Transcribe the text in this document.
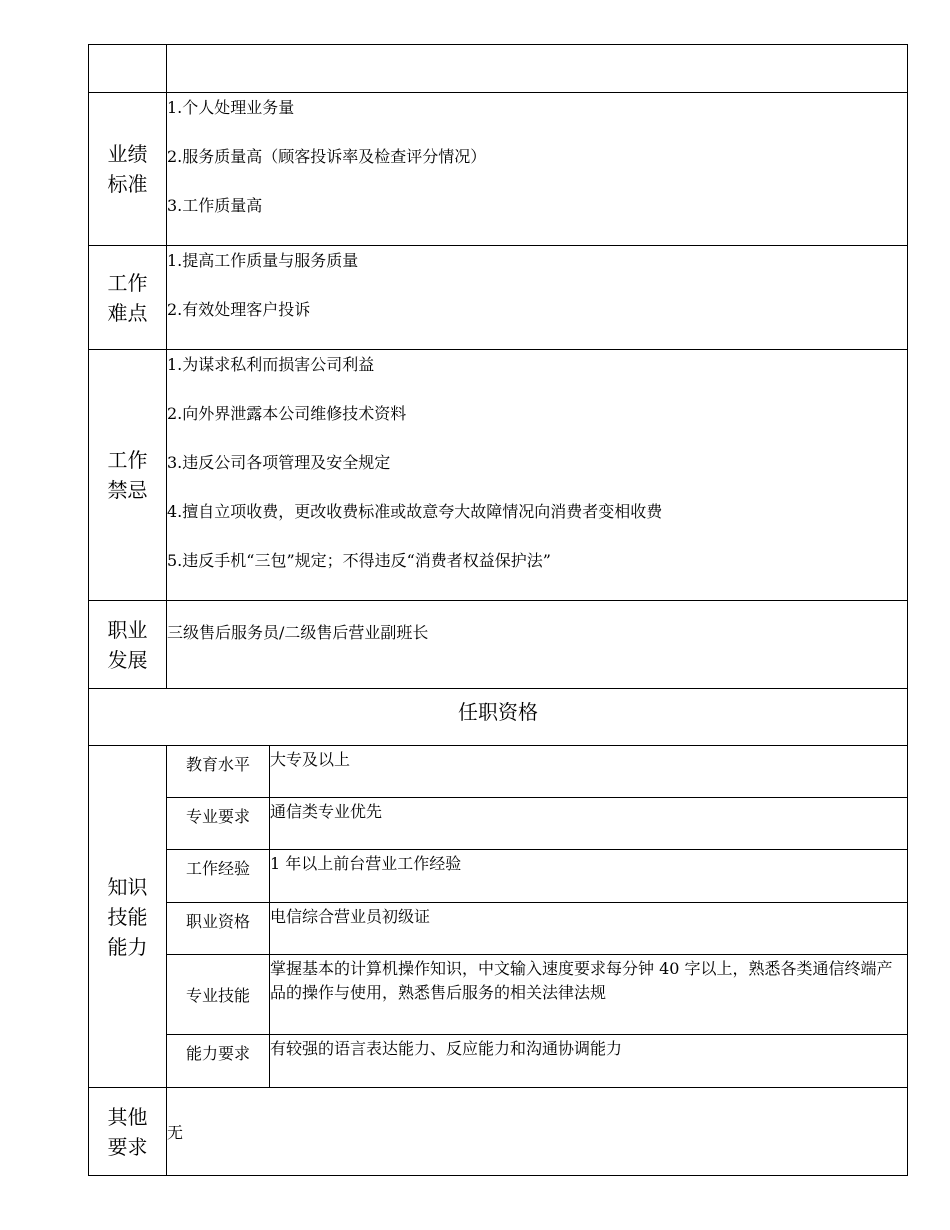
业绩
标准	1.个人处理业务量
2.服务质量高（顾客投诉率及检查评分情况）
3.工作质量高	

工作
难点	1.提高工作质量与服务质量
2.有效处理客户投诉	

工作
禁忌	1.为谋求私利而损害公司利益
2.向外界泄露本公司维修技术资料
3.违反公司各项管理及安全规定
4.擅自立项收费，更改收费标准或故意夸大故障情况向消费者变相收费
5.违反手机“三包”规定；不得违反“消费者权益保护法”	

职业
发展	三级售后服务员/二级售后营业副班长	

任职资格		

知识
技能
能力	教育水平	大专及以上
	专业要求	通信类专业优先
	工作经验	1 年以上前台营业工作经验
	职业资格	电信综合营业员初级证
	专业技能	掌握基本的计算机操作知识，中文输入速度要求每分钟 40 字以上，熟悉各类通信终端产品的操作与使用，熟悉售后服务的相关法律法规
	能力要求	有较强的语言表达能力、反应能力和沟通协调能力

其他
要求	无	
